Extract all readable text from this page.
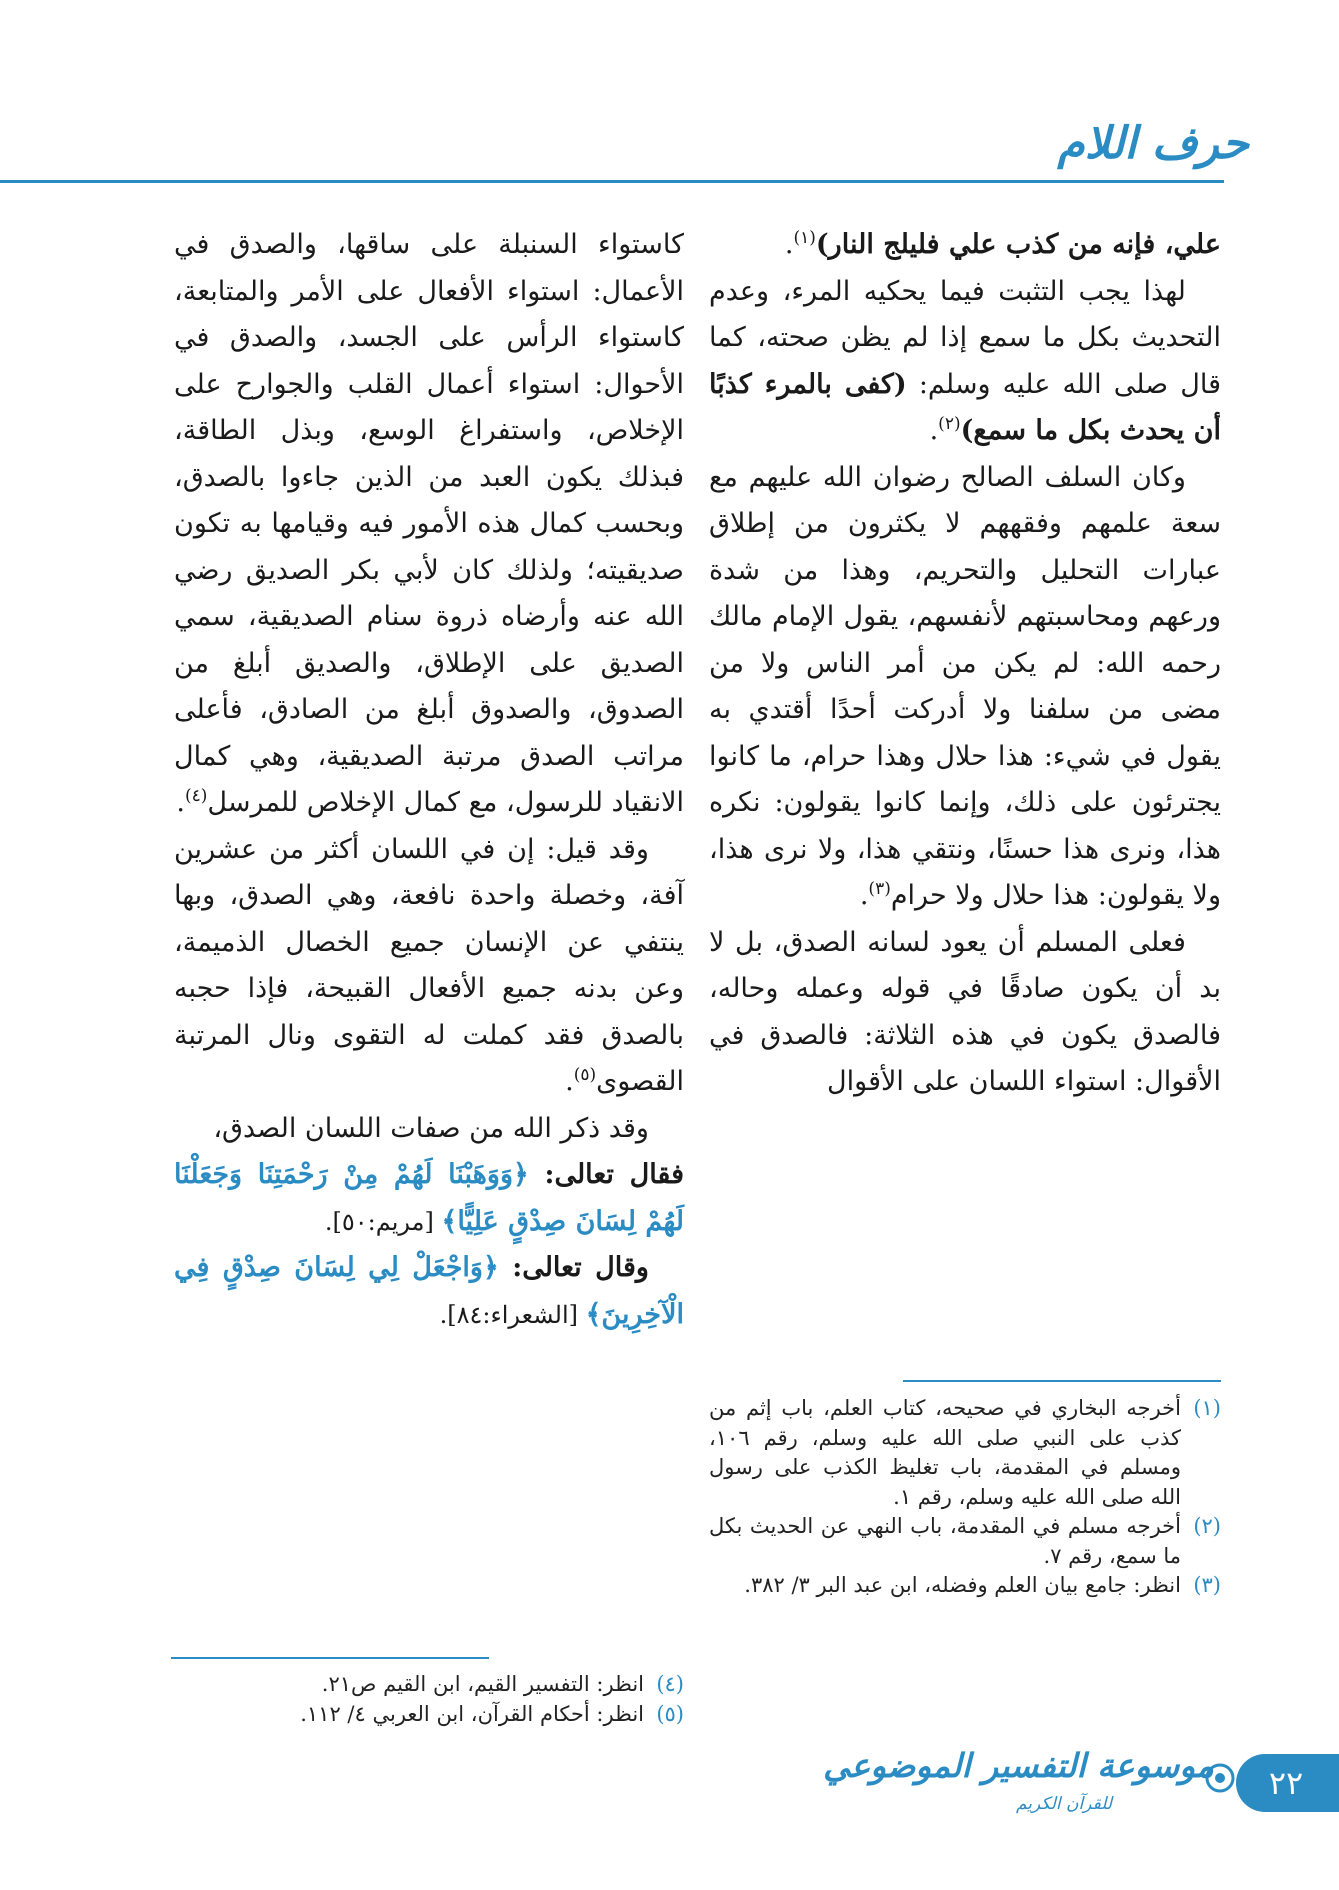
حرف اللام

علي، فإنه من كذب علي فليلج النار)$^{(١)}$.

لهذا يجب التثبت فيما يحكيه المرء، وعدم التحديث بكل ما سمع إذا لم يظن صحته، كما قال صلى الله عليه وسلم: (كفى بالمرء كذبًا أن يحدث بكل ما سمع)$^{(٢)}$.

وكان السلف الصالح رضوان الله عليهم مع سعة علمهم وفقههم لا يكثرون من إطلاق عبارات التحليل والتحريم، وهذا من شدة ورعهم ومحاسبتهم لأنفسهم، يقول الإمام مالك رحمه الله: لم يكن من أمر الناس ولا من مضى من سلفنا ولا أدركت أحدًا أقتدي به يقول في شيء: هذا حلال وهذا حرام، ما كانوا يجترئون على ذلك، وإنما كانوا يقولون: نكره هذا، ونرى هذا حسنًا، ونتقي هذا، ولا نرى هذا، ولا يقولون: هذا حلال ولا حرام$^{(٣)}$.

فعلى المسلم أن يعود لسانه الصدق، بل لا بد أن يكون صادقًا في قوله وعمله وحاله، فالصدق يكون في هذه الثلاثة: فالصدق في الأقوال: استواء اللسان على الأقوال

كاستواء السنبلة على ساقها، والصدق في الأعمال: استواء الأفعال على الأمر والمتابعة، كاستواء الرأس على الجسد، والصدق في الأحوال: استواء أعمال القلب والجوارح على الإخلاص، واستفراغ الوسع، وبذل الطاقة، فبذلك يكون العبد من الذين جاءوا بالصدق، وبحسب كمال هذه الأمور فيه وقيامها به تكون صديقيته؛ ولذلك كان لأبي بكر الصديق رضي الله عنه وأرضاه ذروة سنام الصديقية، سمي الصديق على الإطلاق، والصديق أبلغ من الصدوق، والصدوق أبلغ من الصادق، فأعلى مراتب الصدق مرتبة الصديقية، وهي كمال الانقياد للرسول، مع كمال الإخلاص للمرسل$^{(٤)}$.

وقد قيل: إن في اللسان أكثر من عشرين آفة، وخصلة واحدة نافعة، وهي الصدق، وبها ينتفي عن الإنسان جميع الخصال الذميمة، وعن بدنه جميع الأفعال القبيحة، فإذا حجبه بالصدق فقد كملت له التقوى ونال المرتبة القصوى$^{(٥)}$.

وقد ذكر الله من صفات اللسان الصدق،

فقال تعالى: ﴿وَوَهَبْنَا لَهُمْ مِنْ رَحْمَتِنَا وَجَعَلْنَا لَهُمْ لِسَانَ صِدْقٍ عَلِيًّا﴾ [مريم:٥٠].

وقال تعالى: ﴿وَاجْعَلْ لِي لِسَانَ صِدْقٍ فِي الْآخِرِينَ﴾ [الشعراء:٨٤].

(١)
أخرجه البخاري في صحيحه، كتاب العلم، باب إثم من كذب على النبي صلى الله عليه وسلم، رقم ١٠٦، ومسلم في المقدمة، باب تغليظ الكذب على رسول الله صلى الله عليه وسلم، رقم ١.
(٢)
أخرجه مسلم في المقدمة، باب النهي عن الحديث بكل ما سمع، رقم ٧.
(٣)
انظر: جامع بيان العلم وفضله، ابن عبد البر ٣/ ٣٨٢.
(٤)
انظر: التفسير القيم، ابن القيم ص٢١.
(٥)
انظر: أحكام القرآن، ابن العربي ٤/ ١١٢.
٢٢
موسوعة التفسير الموضوعي
للقرآن الكريم
